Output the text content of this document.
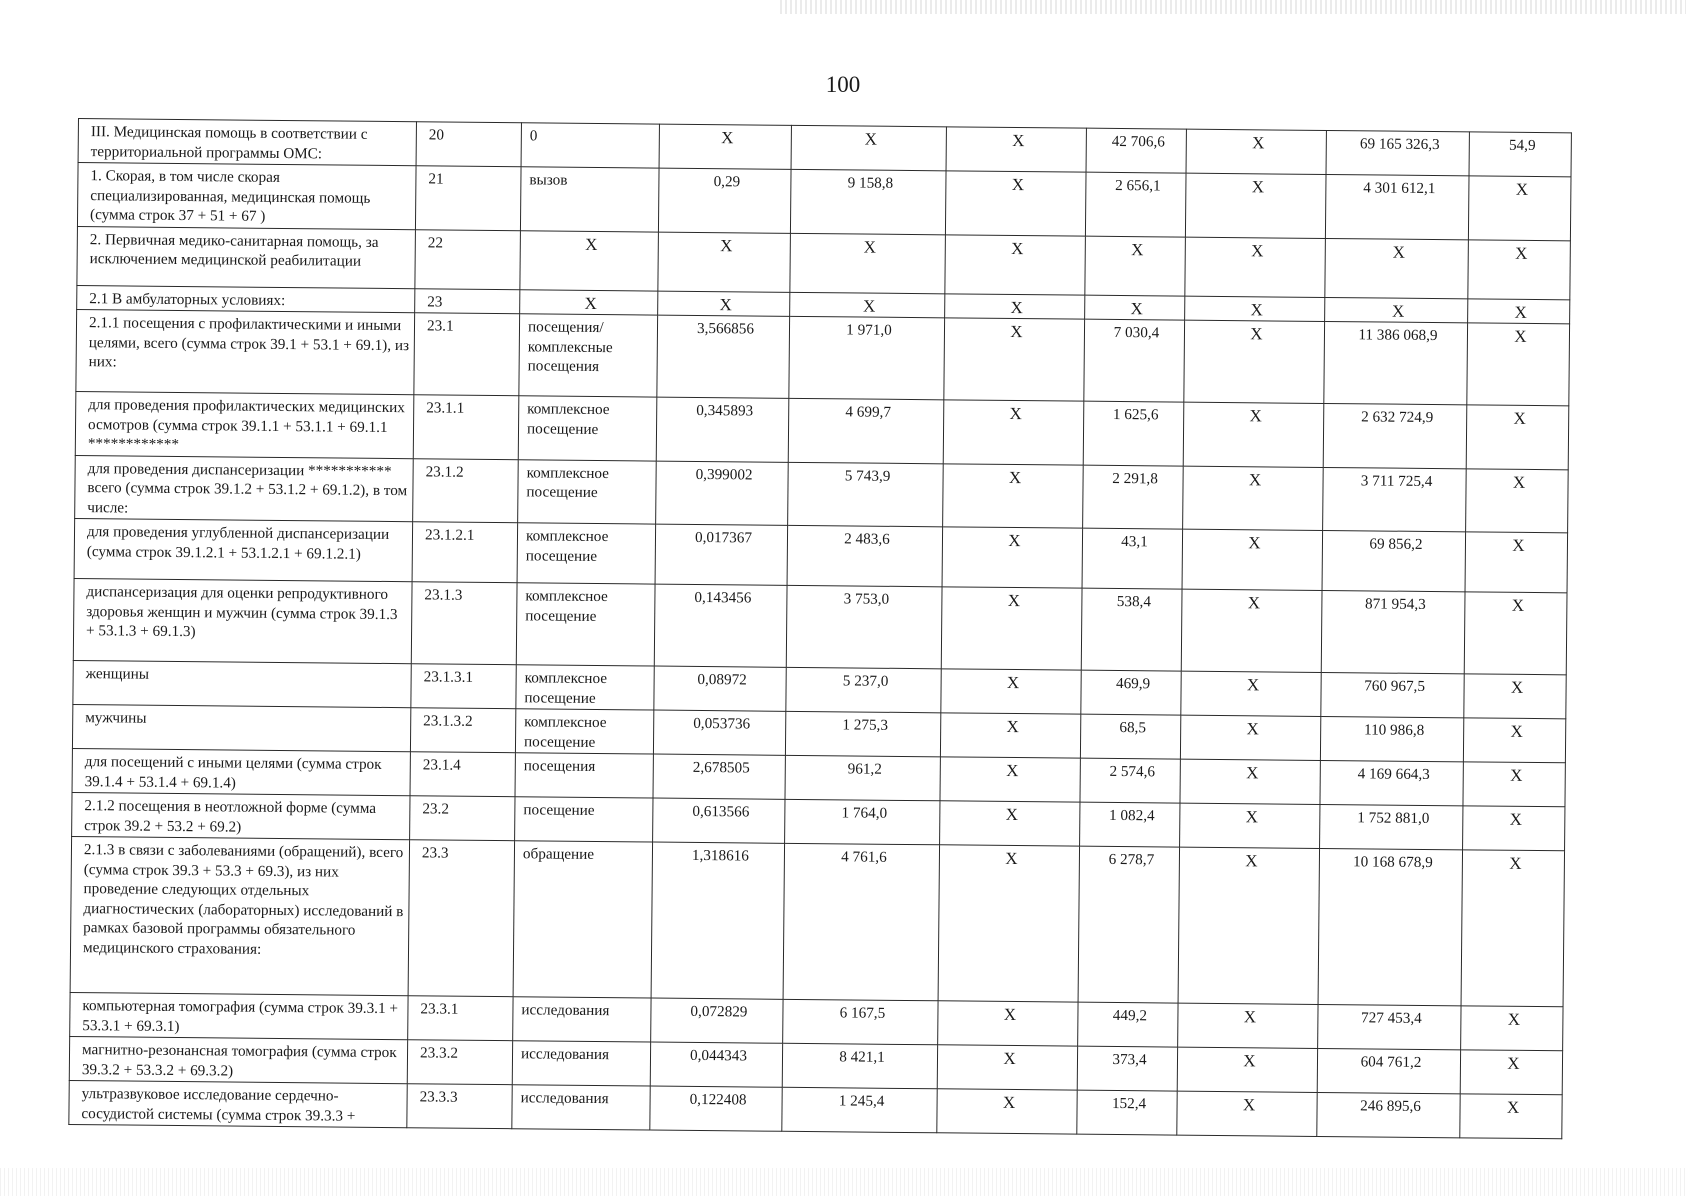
100
III. Медицинская помощь в соответствии с территориальной программы ОМС:	20	0	X	X	X	42 706,6	X	69 165 326,3	54,9
1. Скорая, в том числе скорая специализированная, медицинская помощь (сумма строк 37 + 51 + 67 )	21	вызов	0,29	9 158,8	X	2 656,1	X	4 301 612,1	X
2. Первичная медико-санитарная помощь, за исключением медицинской реабилитации	22	X	X	X	X	X	X	X	X
2.1 В амбулаторных условиях:	23	X	X	X	X	X	X	X	X
2.1.1 посещения с профилактическими и иными целями, всего (сумма строк 39.1 + 53.1 + 69.1), из них:	23.1	посещения/комплексные посещения	3,566856	1 971,0	X	7 030,4	X	11 386 068,9	X
для проведения профилактических медицинских осмотров (сумма строк 39.1.1 + 53.1.1 + 69.1.1 ************	23.1.1	комплексное посещение	0,345893	4 699,7	X	1 625,6	X	2 632 724,9	X
для проведения диспансеризации *********** всего (сумма строк 39.1.2 + 53.1.2 + 69.1.2), в том числе:	23.1.2	комплексное посещение	0,399002	5 743,9	X	2 291,8	X	3 711 725,4	X
для проведения углубленной диспансеризации (сумма строк 39.1.2.1 + 53.1.2.1 + 69.1.2.1)	23.1.2.1	комплексное посещение	0,017367	2 483,6	X	43,1	X	69 856,2	X
диспансеризация для оценки репродуктивного здоровья женщин и мужчин (сумма строк 39.1.3 + 53.1.3 + 69.1.3)	23.1.3	комплексное посещение	0,143456	3 753,0	X	538,4	X	871 954,3	X
женщины	23.1.3.1	комплексное посещение	0,08972	5 237,0	X	469,9	X	760 967,5	X
мужчины	23.1.3.2	комплексное посещение	0,053736	1 275,3	X	68,5	X	110 986,8	X
для посещений с иными целями (сумма строк 39.1.4 + 53.1.4 + 69.1.4)	23.1.4	посещения	2,678505	961,2	X	2 574,6	X	4 169 664,3	X
2.1.2 посещения в неотложной форме (сумма строк 39.2 + 53.2 + 69.2)	23.2	посещение	0,613566	1 764,0	X	1 082,4	X	1 752 881,0	X
2.1.3 в связи с заболеваниями (обращений), всего (сумма строк 39.3 + 53.3 + 69.3), из них проведение следующих отдельных диагностических (лабораторных) исследований в рамках базовой программы обязательного медицинского страхования:	23.3	обращение	1,318616	4 761,6	X	6 278,7	X	10 168 678,9	X
компьютерная томография (сумма строк 39.3.1 + 53.3.1 + 69.3.1)	23.3.1	исследования	0,072829	6 167,5	X	449,2	X	727 453,4	X
магнитно-резонансная томография (сумма строк 39.3.2 + 53.3.2 + 69.3.2)	23.3.2	исследования	0,044343	8 421,1	X	373,4	X	604 761,2	X
ультразвуковое исследование сердечно-сосудистой системы (сумма строк 39.3.3 +	23.3.3	исследования	0,122408	1 245,4	X	152,4	X	246 895,6	X
